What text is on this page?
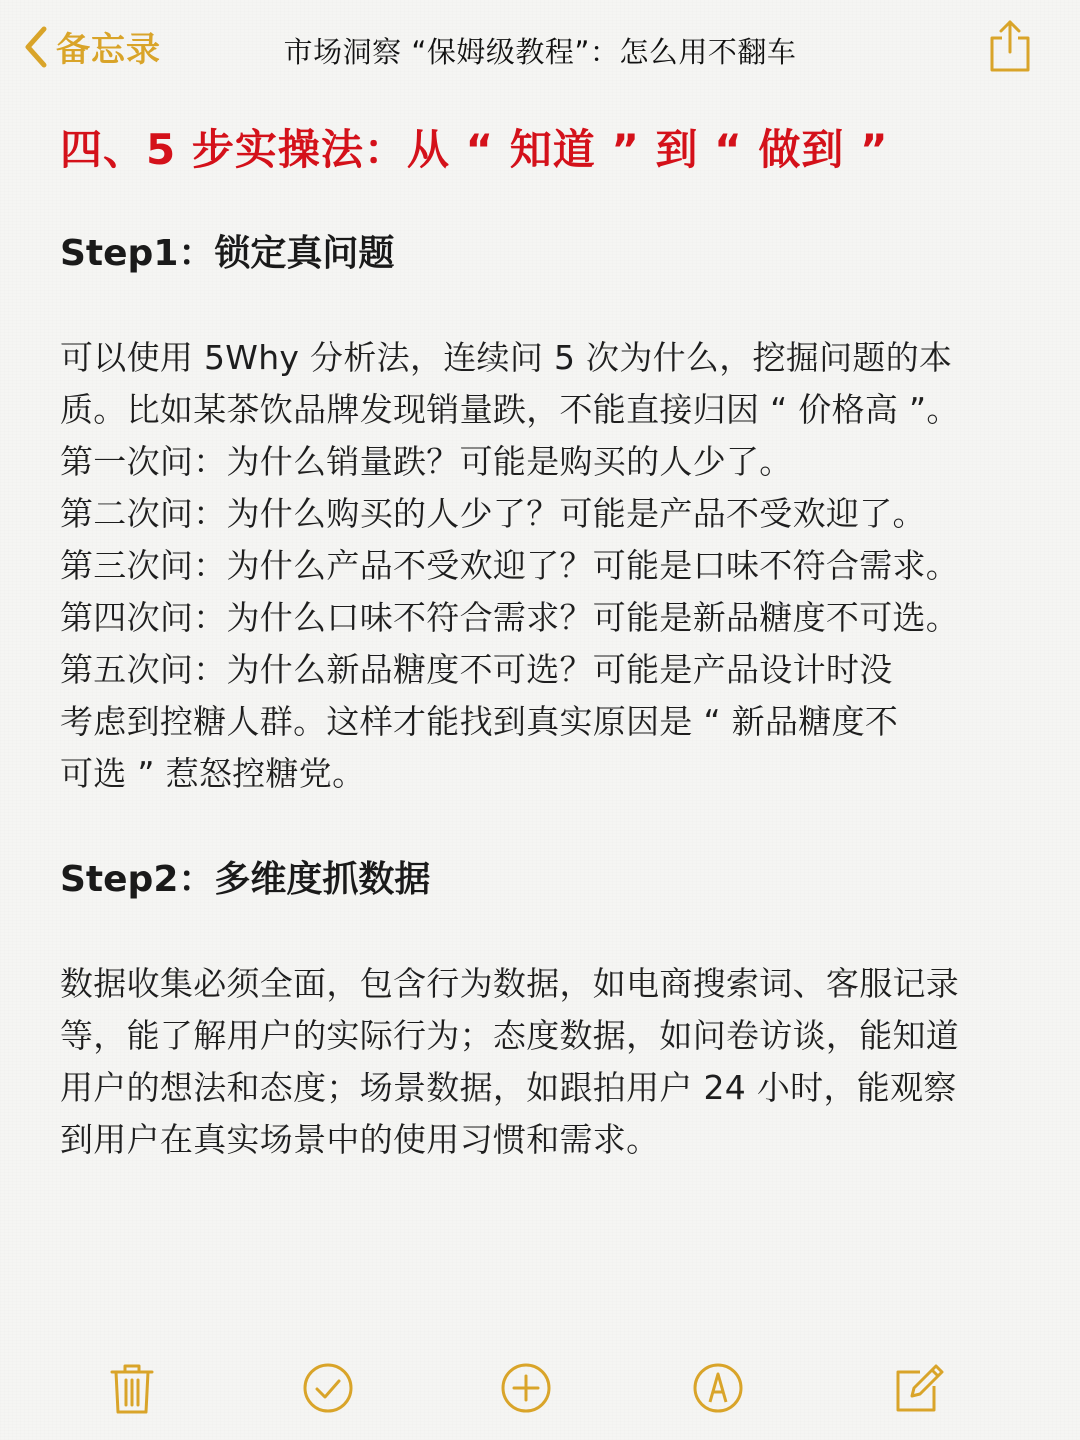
备忘录	市场洞察 “保姆级教程”：怎么用不翻车
四、5 步实操法：从 “ 知道 ” 到 “ 做到 ”
Step1：锁定真问题

可以使用 5Why 分析法，连续问 5 次为什么，挖掘问题的本

质。比如某茶饮品牌发现销量跌，不能直接归因 “ 价格高 ”。

第一次问：为什么销量跌？可能是购买的人少了。

第二次问：为什么购买的人少了？可能是产品不受欢迎了。

第三次问：为什么产品不受欢迎了？可能是口味不符合需求。

第四次问：为什么口味不符合需求？可能是新品糖度不可选。

第五次问：为什么新品糖度不可选？可能是产品设计时没

考虑到控糖人群。这样才能找到真实原因是 “ 新品糖度不

可选 ” 惹怒控糖党。

Step2：多维度抓数据

数据收集必须全面，包含行为数据，如电商搜索词、客服记录

等，能了解用户的实际行为；态度数据，如问卷访谈，能知道

用户的想法和态度；场景数据，如跟拍用户 24 小时，能观察

到用户在真实场景中的使用习惯和需求。
